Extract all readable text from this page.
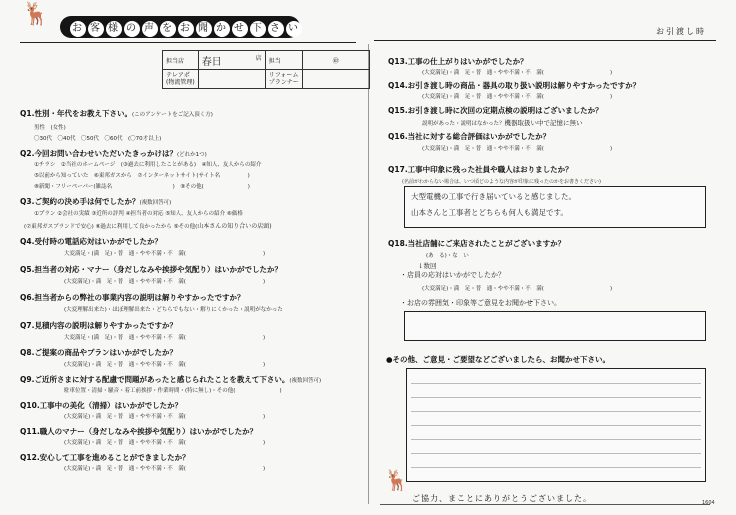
🦌
お 客 様 の 声 を お 聞 か せ 下 さ い	お引渡し時
担当店	春日 店	担当	㊞
テレアポ
(物流管理)		リフォーム
プランナー	
Q1.性別・年代をお教え下さい。(このアンケートをご記入頂く方)
男性　(女性)
〇30代　〇40代　〇50代　〇60代　(〇70才以上)
Q2.今回お問い合わせいただいたきっかけは？(どれか1つ)
①チラシ　②当社のホームページ　(③過去に利用したことがある)　④知人、友人からの紹介
⑤以前から知っていた　⑥東邦ガスから　⑦インターネットサイト(サイト名　　　　　)
⑧新聞・フリーペーパー(雑誌名　　　　　　　　　　　)　⑨その他(　　　　　　　　)
Q3.ご契約の決め手は何でしたか？(複数回答可)
①プラン ②会社の実績 ③近所の評判 ④担当者の対応 ⑤知人、友人からの紹介 ⑥価格
(⑦東邦ガスブランドで安心) ⑧過去に利用して良かったから ⑨その他(山本さんの知り合いの店頭)
Q4.受付時の電話応対はいかがでしたか？
大変満足・(満　足)・普　通・やや不満・不　満(　　　　　　　　　　　　　　)
Q5.担当者の対応・マナー（身だしなみや挨拶や気配り）はいかがでしたか？
(大変満足)・満　足・普　通・やや不満・不　満(　　　　　　　　　　　　　　)
Q6.担当者からの弊社の事業内容の説明は解りやすかったですか？
(大変理解出来た)・ほぼ理解出来た・どちらでもない・解りにくかった・説明がなかった
Q7.見積内容の説明は解りやすかったですか？
大変満足・(満　足)・普　通・やや不満・不　満(　　　　　　　　　　　　　　)
Q8.ご提案の商品やプランはいかがでしたか？
(大変満足)・満　足・普　通・やや不満・不　満(　　　　　　　　　　　　　　)
Q9.ご近所さまに対する配慮で問題があったと感じられたことを教えて下さい。(複数回答可)
駐車位置・清掃・騒音・着工前挨拶・作業時間・(特に無し)・その他(　　　　　　　　)
Q10.工事中の美化（清掃）はいかがでしたか？
(大変満足)・満　足・普　通・やや不満・不　満(　　　　　　　　　　　　　　)
Q11.職人のマナー（身だしなみや挨拶や気配り）はいかがでしたか？
(大変満足)・満　足・普　通・やや不満・不　満(　　　　　　　　　　　　　　)
Q12.安心して工事を進めることができましたか？
(大変満足)・満　足・普　通・やや不満・不　満(　　　　　　　　　　　　　　)
Q13.工事の仕上がりはいかがでしたか？
(大変満足)・満　足・普　通・やや不満・不　満(　　　　　　　　　　　　)
Q14.お引き渡し時の商品・器具の取り扱い説明は解りやすかったですか？
(大変満足)・満　足・普　通・やや不満・不　満(　　　　　　　　　　　　)
Q15.お引き渡し時に次回の定期点検の説明はございましたか？
説明があった・説明はなかった？機器取扱い中で記憶に無い
Q16.当社に対する総合評価はいかがでしたか？
(大変満足)・満　足・普　通・やや不満・不　満(　　　　　　　　　　　　)
Q17.工事中印象に残った社員や職人はおりましたか？
(名前がわからない場合は、いつ頃どのような内容が印象に残ったのかをお書きください)
大型電機の工事で行き届いていると感じました。
山本さんと工事者とどちらも何人も満足です。
Q18.当社店舗にご来店されたことがございますか？
(あ　る)・な　い
↓数回
・店員の応対はいかがでしたか？
(大変満足)・満　足・普　通・やや不満・不　満(　　　　　　　　　　　　)
・お店の雰囲気・印象等ご意見をお聞かせ下さい。
●その他、ご意見・ご要望などございましたら、お聞かせ下さい。
🦌
ご協力、まことにありがとうございました。	1604
